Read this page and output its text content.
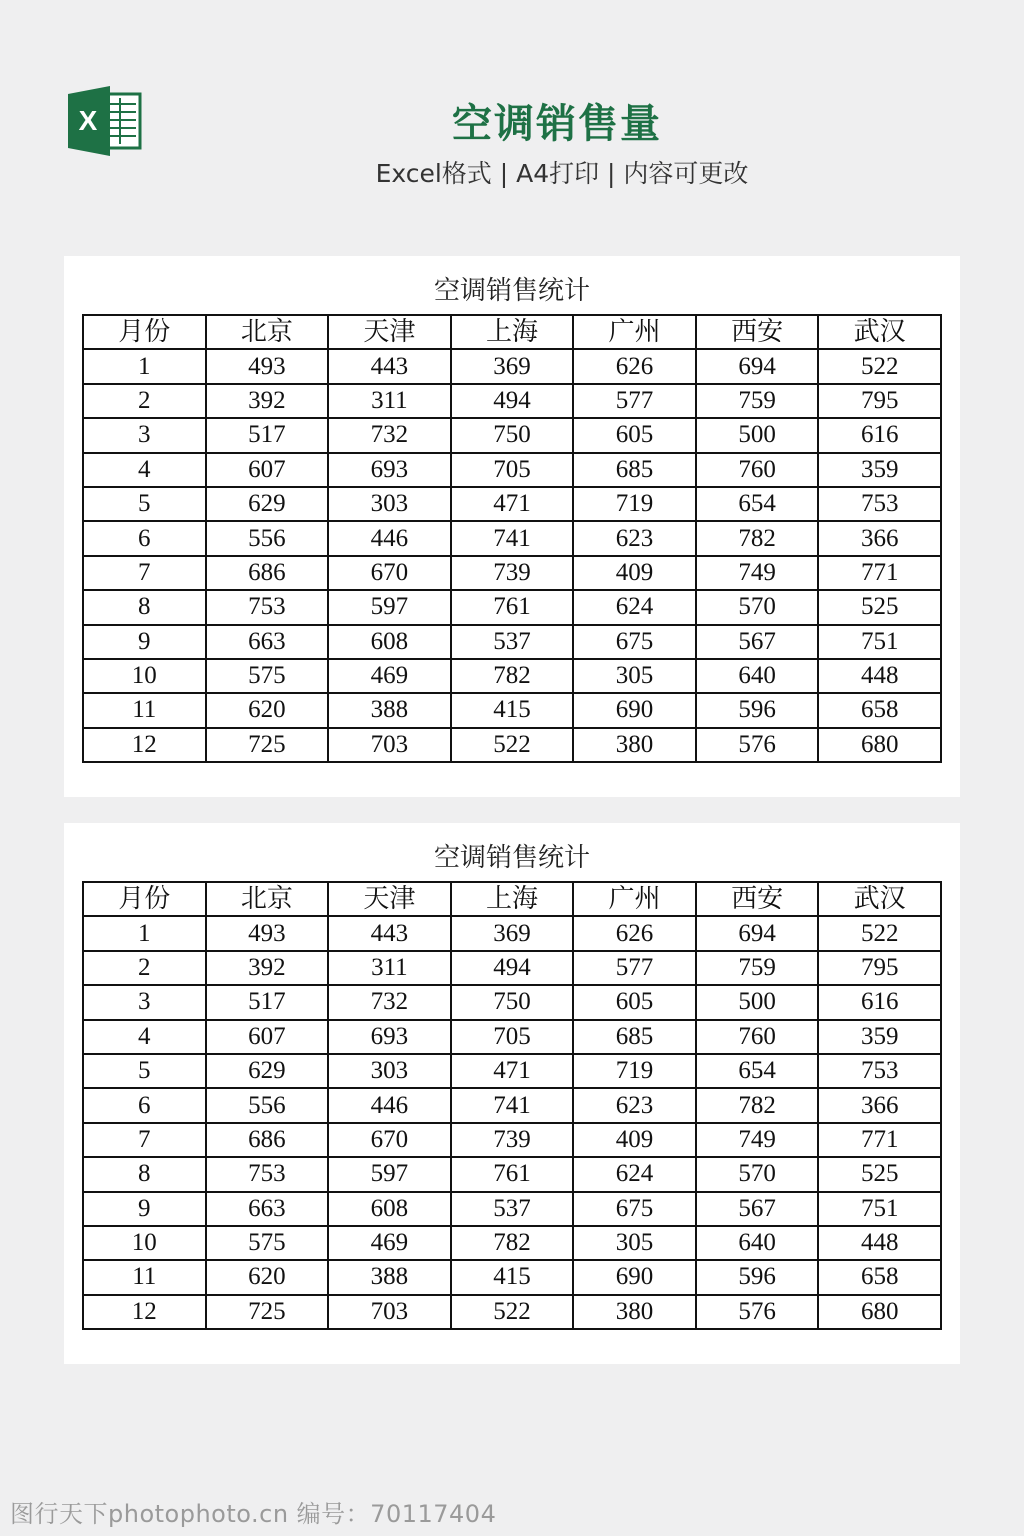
X	空调销售量
Excel格式 | A4打印 | 内容可更改
空调销售统计
月份	北京	天津	上海	广州	西安	武汉
1	493	443	369	626	694	522
2	392	311	494	577	759	795
3	517	732	750	605	500	616
4	607	693	705	685	760	359
5	629	303	471	719	654	753
6	556	446	741	623	782	366
7	686	670	739	409	749	771
8	753	597	761	624	570	525
9	663	608	537	675	567	751
10	575	469	782	305	640	448
11	620	388	415	690	596	658
12	725	703	522	380	576	680
空调销售统计
月份	北京	天津	上海	广州	西安	武汉
1	493	443	369	626	694	522
2	392	311	494	577	759	795
3	517	732	750	605	500	616
4	607	693	705	685	760	359
5	629	303	471	719	654	753
6	556	446	741	623	782	366
7	686	670	739	409	749	771
8	753	597	761	624	570	525
9	663	608	537	675	567	751
10	575	469	782	305	640	448
11	620	388	415	690	596	658
12	725	703	522	380	576	680
图行天下photophoto.cn 编号：70117404
